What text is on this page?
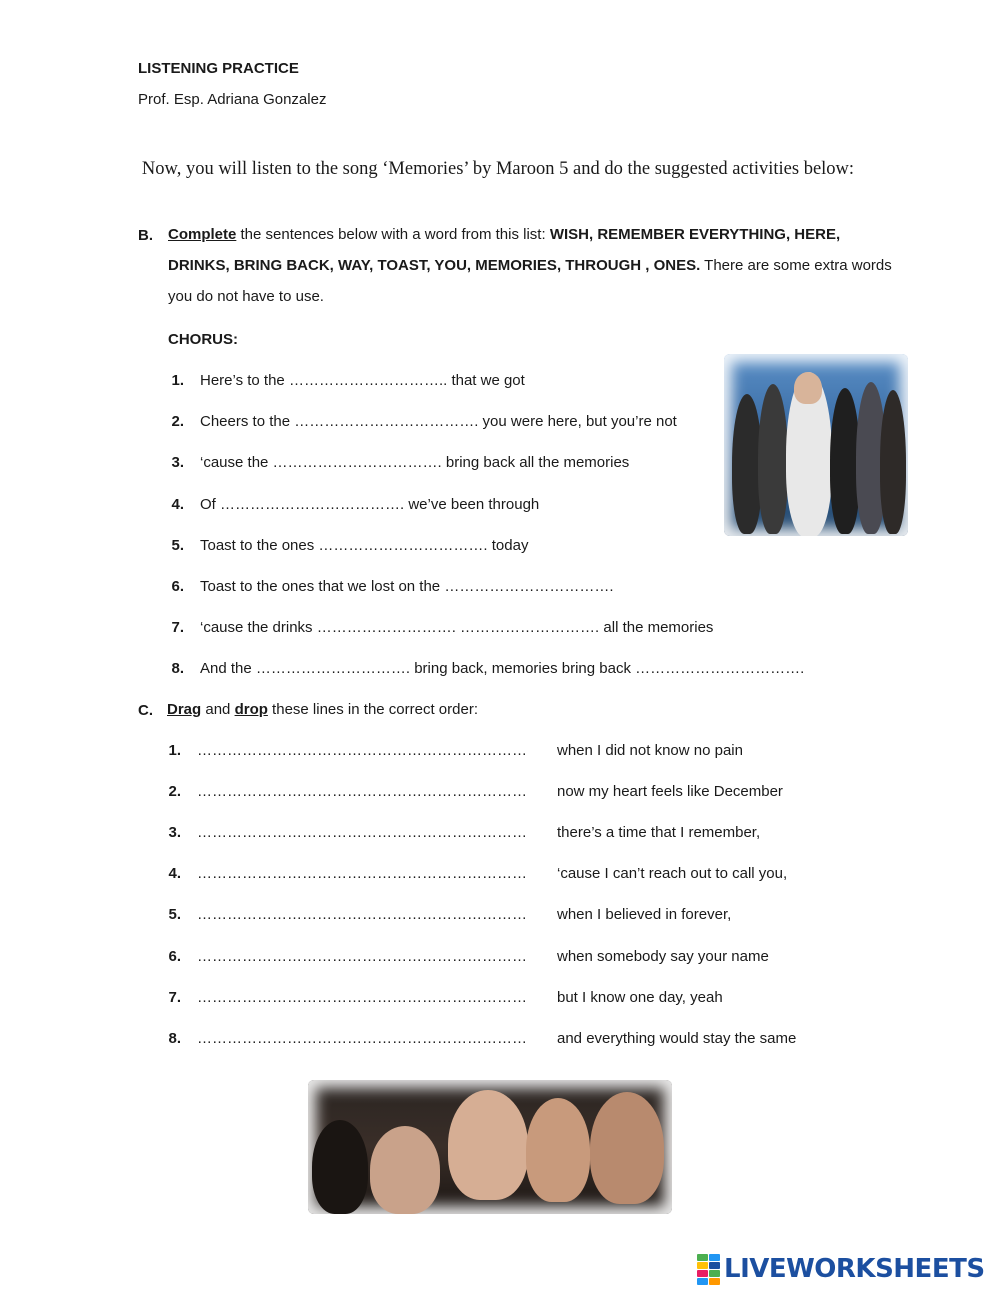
LISTENING PRACTICE
Prof. Esp. Adriana Gonzalez
Now, you will listen to the song ‘Memories’ by Maroon 5 and do the suggested activities below:
B. Complete the sentences below with a word from this list: WISH, REMEMBER EVERYTHING, HERE, DRINKS, BRING BACK, WAY, TOAST, YOU, MEMORIES, THROUGH , ONES. There are some extra words you do not have to use.
CHORUS:
1. Here’s to the ………………………….. that we got
2. Cheers to the ………………………………. you were here, but you’re not
3. ‘cause the ……………………………. bring back all the memories
4. Of ………………………………. we’ve been through
5. Toast to the ones ……………………………. today
6. Toast to the ones that we lost on the …………………………….
7. ‘cause the drinks ………………………. ………………………. all the memories
8. And the …………………………. bring back, memories bring back …………………………….
C. Drag and drop these lines in the correct order:
1. ………………………………………………………… when I did not know no pain
2. ………………………………………………………… now my heart feels like December
3. ………………………………………………………… there’s a time that I remember,
4. ………………………………………………………… ‘cause I can’t reach out to call you,
5. ………………………………………………………… when I believed in forever,
6. ………………………………………………………… when somebody say your name
7. ………………………………………………………… but I know one day, yeah
8. ………………………………………………………… and everything would stay the same
LIVEWORKSHEETS
